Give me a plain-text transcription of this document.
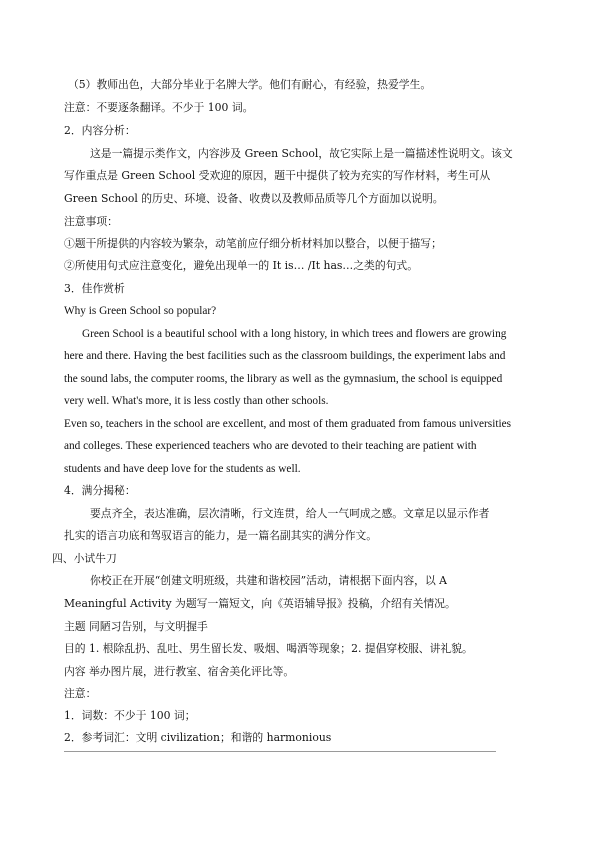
（5）教师出色，大部分毕业于名牌大学。他们有耐心，有经验，热爱学生。
注意：不要逐条翻译。不少于 100 词。
2．内容分析：
这是一篇提示类作文，内容涉及 Green School，故它实际上是一篇描述性说明文。该文
写作重点是 Green School 受欢迎的原因，题干中提供了较为充实的写作材料，考生可从
Green School 的历史、环境、设备、收费以及教师品质等几个方面加以说明。
注意事项：
①题干所提供的内容较为繁杂，动笔前应仔细分析材料加以整合，以便于描写；
②所使用句式应注意变化，避免出现单一的 It is… /It has…之类的句式。
3．佳作赏析
Why is Green School so popular?
Green School is a beautiful school with a long history, in which trees and flowers are growing
here and there. Having the best facilities such as the classroom buildings, the experiment labs and
the sound labs, the computer rooms, the library as well as the gymnasium, the school is equipped
very well. What's more, it is less costly than other schools.
Even so, teachers in the school are excellent, and most of them graduated from famous universities
and colleges. These experienced teachers who are devoted to their teaching are patient with
students and have deep love for the students as well.
4．满分揭秘：
要点齐全，表达准确，层次清晰，行文连贯，给人一气呵成之感。文章足以显示作者
扎实的语言功底和驾驭语言的能力，是一篇名副其实的满分作文。
四、小试牛刀
你校正在开展“创建文明班级，共建和谐校园”活动，请根据下面内容，以 A
Meaningful Activity 为题写一篇短文，向《英语辅导报》投稿，介绍有关情况。
主题 同陋习告别，与文明握手
目的 1. 根除乱扔、乱吐、男生留长发、吸烟、喝酒等现象；2. 提倡穿校服、讲礼貌。
内容 举办图片展，进行教室、宿舍美化评比等。
注意：
1．词数：不少于 100 词；
2．参考词汇：文明 civilization；和谐的 harmonious
